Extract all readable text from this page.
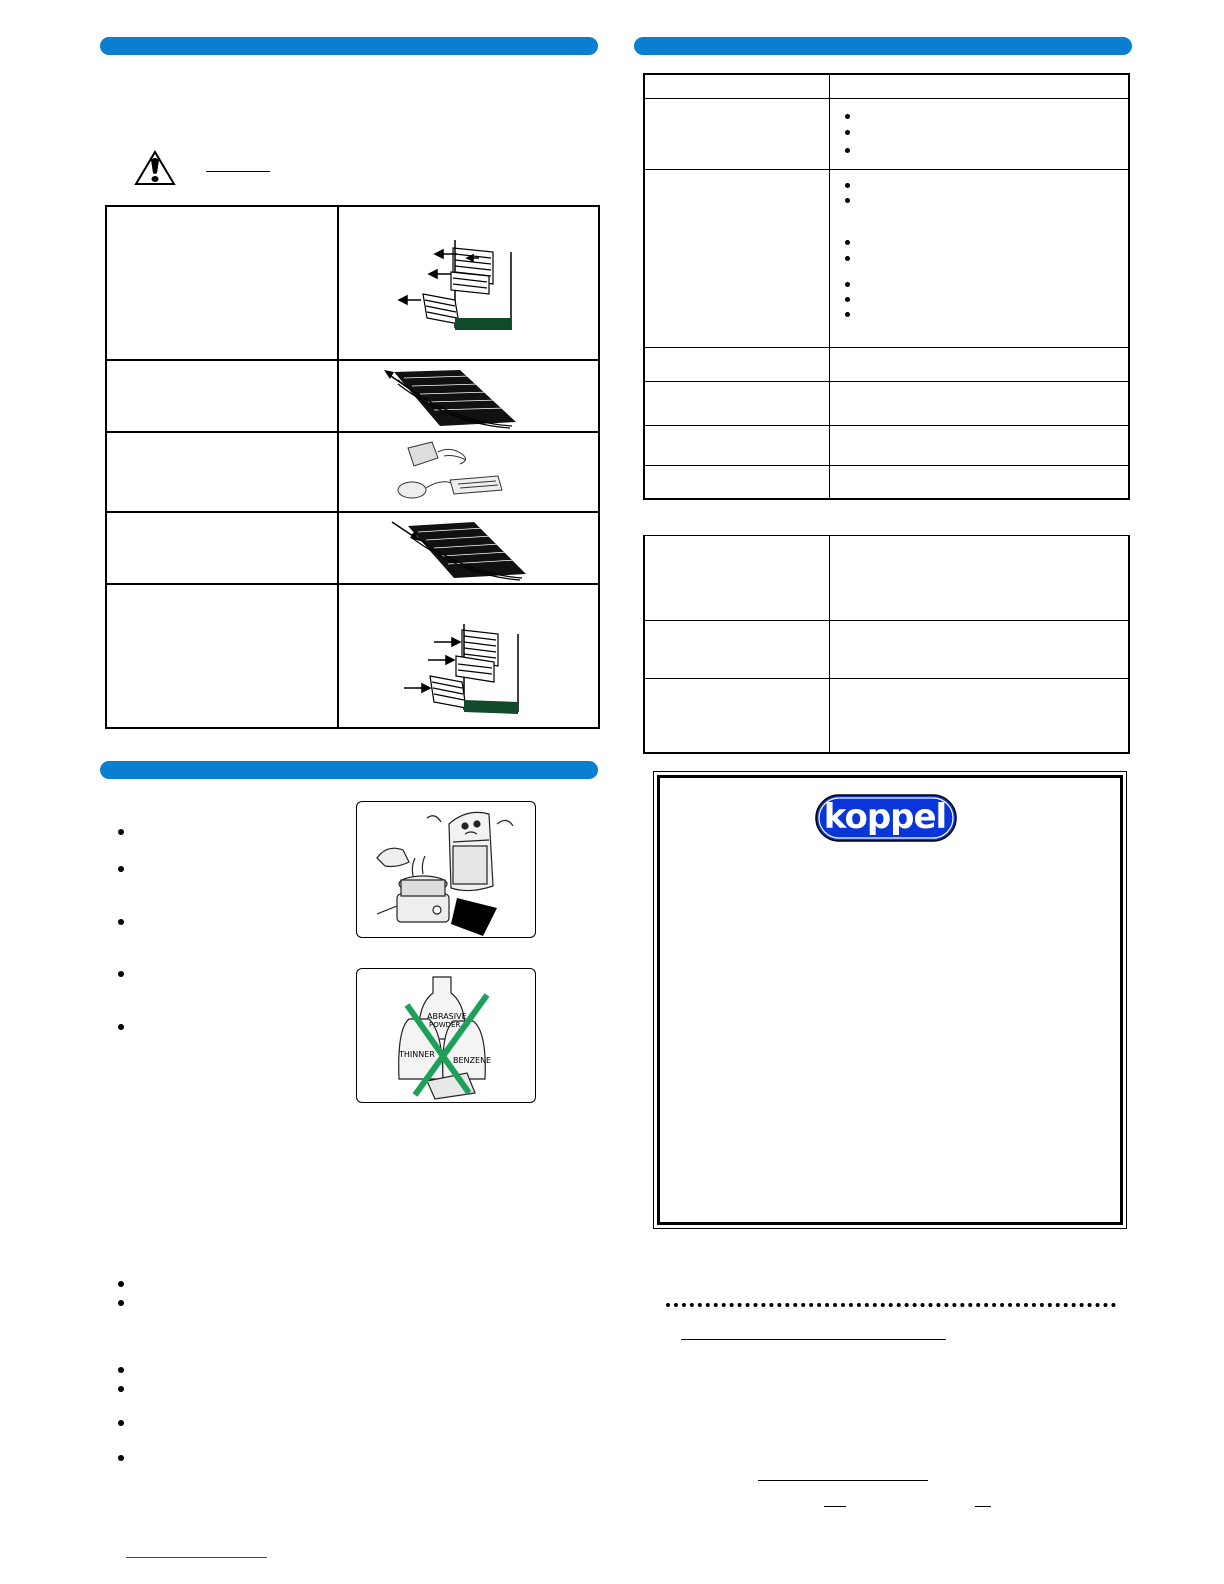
ABRASIVE
POWDER
THINNER
BENZENE
koppel
